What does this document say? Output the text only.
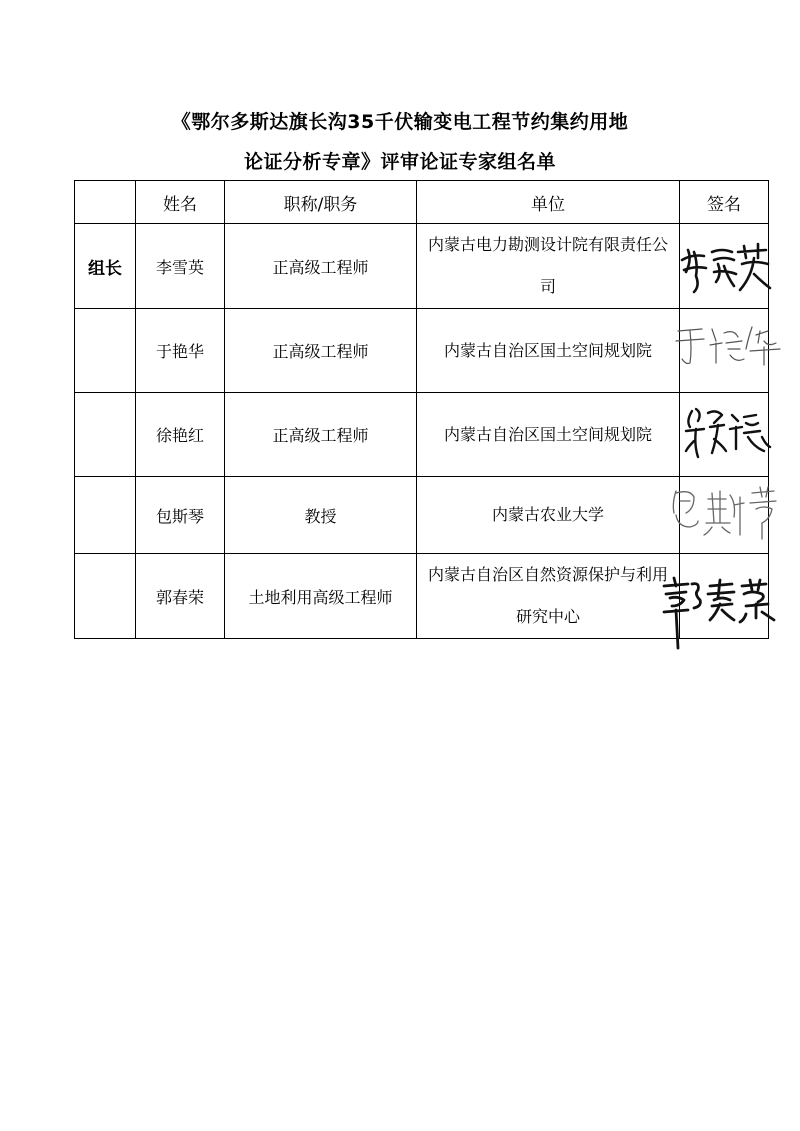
《鄂尔多斯达旗长沟35千伏输变电工程节约集约用地
论证分析专章》评审论证专家组名单
	姓名	职称/职务	单位	签名
组长	李雪英	正高级工程师	内蒙古电力勘测设计院有限责任公司

	于艳华	正高级工程师	内蒙古自治区国土空间规划院

	徐艳红	正高级工程师	内蒙古自治区国土空间规划院

	包斯琴	教授	内蒙古农业大学

	郭春荣	土地利用高级工程师	内蒙古自治区自然资源保护与利用研究中心
